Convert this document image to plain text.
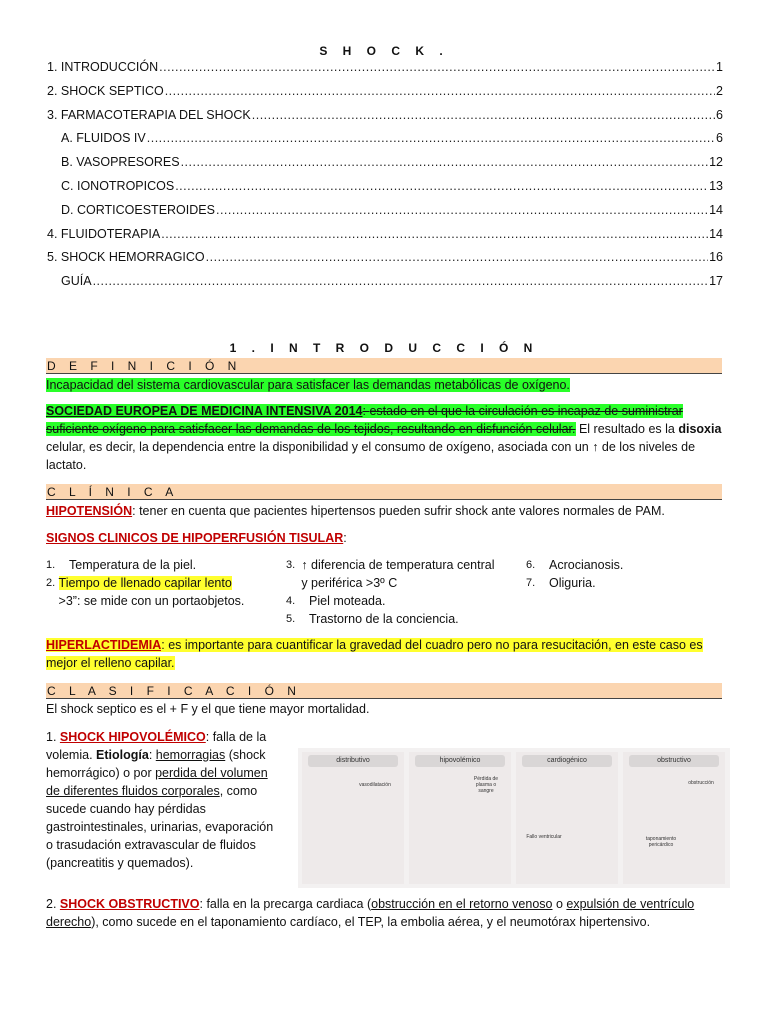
S H O C K .
1. INTRODUCCIÓN .....	1
2. SHOCK SEPTICO .....	2
3. FARMACOTERAPIA DEL SHOCK .....	6
A. FLUIDOS IV .....	6
B. VASOPRESORES .....	12
C. IONOTROPICOS .....	13
D. CORTICOESTEROIDES .....	14
4. FLUIDOTERAPIA .....	14
5. SHOCK HEMORRAGICO .....	16
GUÍA .....	17
1 . I N T R O D U C C I Ó N
D E F I N I C I Ó N
Incapacidad del sistema cardiovascular para satisfacer las demandas metabólicas de oxígeno.
SOCIEDAD EUROPEA DE MEDICINA INTENSIVA 2014: estado en el que la circulación es incapaz de suministrar suficiente oxígeno para satisfacer las demandas de los tejidos, resultando en disfunción celular. El resultado es la disoxia celular, es decir, la dependencia entre la disponibilidad y el consumo de oxígeno, asociada con un ↑ de los niveles de lactato.
C L Í N I C A
HIPOTENSIÓN: tener en cuenta que pacientes hipertensos pueden sufrir shock ante valores normales de PAM.
SIGNOS CLINICOS DE HIPOPERFUSIÓN TISULAR:
1.	Temperatura de la piel.
2. Tiempo de llenado capilar lento >3”: se mide con un portaobjetos.
3. ↑ diferencia de temperatura central y periférica >3º C
4.	Piel moteada.
5.	Trastorno de la conciencia.
6.	Acrocianosis.
7.	Oliguria.
HIPERLACTIDEMIA: es importante para cuantificar la gravedad del cuadro pero no para resucitación, en este caso es mejor el relleno capilar.
C L A S I F I C A C I Ó N
El shock septico es el + F y el que tiene mayor mortalidad.
1. SHOCK HIPOVOLÉMICO: falla de la volemia. Etiología: hemorragias (shock hemorrágico) o por perdida del volumen de diferentes fluidos corporales, como sucede cuando hay pérdidas gastrointestinales, urinarias, evaporación o trasudación extravascular de fluidos (pancreatitis y quemados).
distributivo
vasodilatación
hipovolémico
Pérdida de plasma o sangre
cardiogénico
Fallo ventricular
obstructivo
obstrucción
taponamiento pericárdico
2. SHOCK OBSTRUCTIVO: falla en la precarga cardiaca (obstrucción en el retorno venoso o expulsión de ventrículo derecho), como sucede en el taponamiento cardíaco, el TEP, la embolia aérea, y el neumotórax hipertensivo.
